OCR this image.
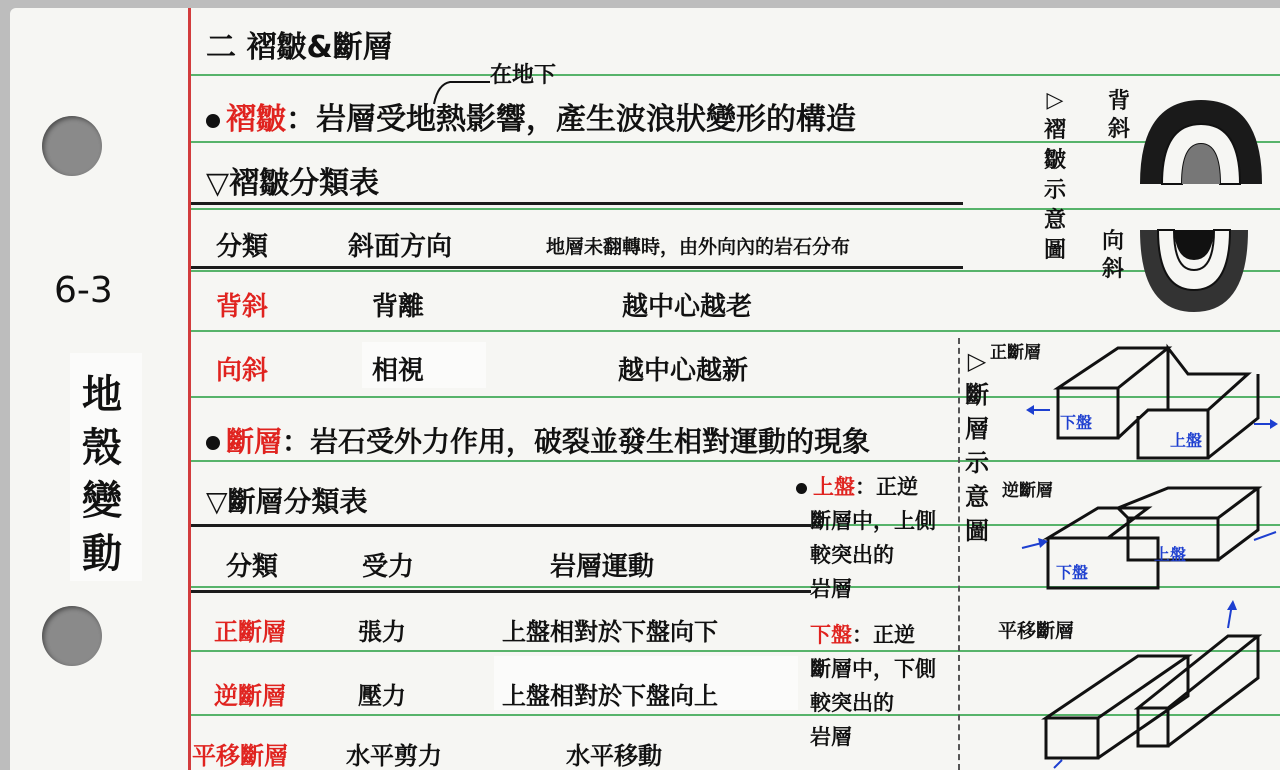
6-3
地
殼
變
動
二 褶皺&斷層
在地下
褶皺：岩層受地熱影響，產生波浪狀變形的構造
▽褶皺分類表
分類	斜面方向	地層未翻轉時，由外向內的岩石分布
背斜	背離	越中心越老
向斜	相視	越中心越新
▷
褶
皺
示
意
圖
背斜
向斜
斷層：岩石受外力作用，破裂並發生相對運動的現象
▽斷層分類表
分類	受力	岩層運動
正斷層	張力	上盤相對於下盤向下
逆斷層	壓力	上盤相對於下盤向上
平移斷層 水平剪力	水平移動
上盤：正逆
斷層中，上側
較突出的
岩層
下盤：正逆
斷層中，下側
較突出的
岩層
▷
斷
層
示
意
圖
正斷層
逆斷層
平移斷層
下盤
上盤
下盤
上盤
